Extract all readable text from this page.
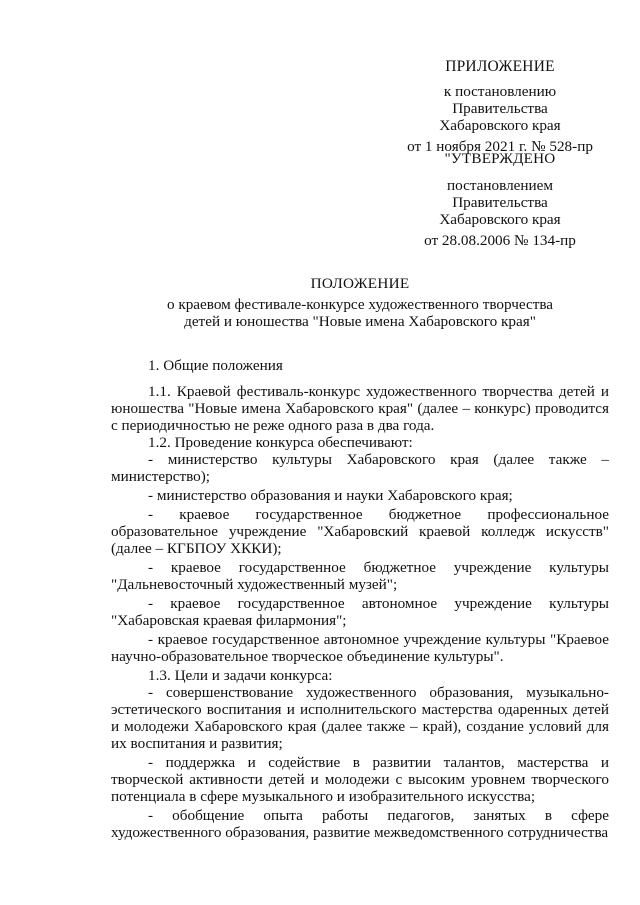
ПРИЛОЖЕНИЕ
к постановлению
Правительства
Хабаровского края
от 1 ноября 2021 г. № 528-пр
"УТВЕРЖДЕНО
постановлением
Правительства
Хабаровского края
от 28.08.2006 № 134-пр
ПОЛОЖЕНИЕ
о краевом фестивале-конкурсе художественного творчества
детей и юношества "Новые имена Хабаровского края"

1. Общие положения

1.1. Краевой фестиваль-конкурс художественного творчества детей и юношества "Новые имена Хабаровского края" (далее – конкурс) проводится с периодичностью не реже одного раза в два года.

1.2. Проведение конкурса обеспечивают:

- министерство культуры Хабаровского края (далее также – министерство);

- министерство образования и науки Хабаровского края;

- краевое государственное бюджетное профессиональное образовательное учреждение "Хабаровский краевой колледж искусств" (далее – КГБПОУ ХККИ);

- краевое государственное бюджетное учреждение культуры "Дальневосточный художественный музей";

- краевое государственное автономное учреждение культуры "Хабаровская краевая филармония";

- краевое государственное автономное учреждение культуры "Краевое научно-образовательное творческое объединение культуры".

1.3. Цели и задачи конкурса:

- совершенствование художественного образования, музыкально-эстетического воспитания и исполнительского мастерства одаренных детей и молодежи Хабаровского края (далее также – край), создание условий для их воспитания и развития;

- поддержка и содействие в развитии талантов, мастерства и творческой активности детей и молодежи с высоким уровнем творческого потенциала в сфере музыкального и изобразительного искусства;

- обобщение опыта работы педагогов, занятых в сфере художественного образования, развитие межведомственного сотрудничества
